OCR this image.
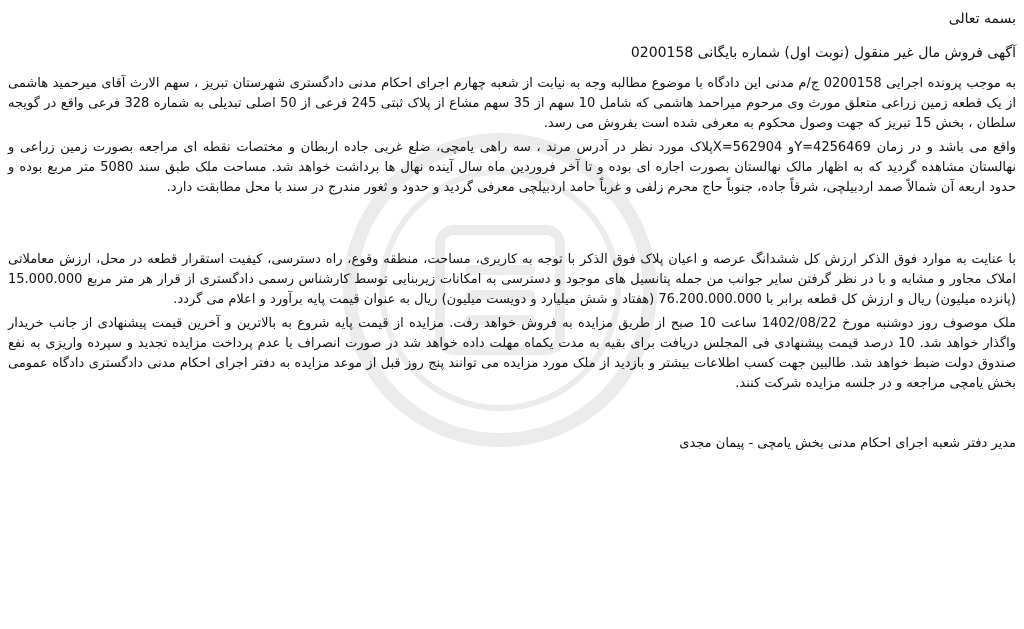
بسمه تعالی

آگهی فروش مال غیر منقول (نوبت اول) شماره بایگانی 0200158

به موجب پرونده اجرایی 0200158 ج/م مدنی این دادگاه با موضوع مطالبه وجه به نیابت از شعبه چهارم اجرای احکام مدنی دادگستری شهرستان تبریز ، سهم الارث آقای میرحمید هاشمی از یک قطعه زمین زراعی متعلق مورث وی مرحوم میراحمد هاشمی که شامل 10 سهم از 35 سهم مشاع از پلاک ثبتی 245 فرعی از 50 اصلی تبدیلی به شماره 328 فرعی واقع در گویجه سلطان ، بخش 15 تبریز که جهت وصول محکوم به معرفی شده است بفروش می رسد.

واقع می باشد و در زمان Y=4256469و X=562904پلاک مورد نظر در آدرس مرند ، سه راهی یامچی، ضلع غربی جاده اربطان و مختصات نقطه ای مراجعه بصورت زمین زراعی و نهالستان مشاهده گردید که به اظهار مالک نهالستان بصورت اجاره ای بوده و تا آخر فروردین ماه سال آینده نهال ها برداشت خواهد شد. مساحت ملک طبق سند 5080 متر مربع بوده و حدود اربعه آن شمالاً صمد اردبیلچی، شرقاً جاده، جنوباً حاج محرم زلفی و غرباً حامد اردبیلچی معرفی گردید و حدود و ثغور مندرج در سند با محل مطابقت دارد.

با عنایت به موارد فوق الذکر ارزش کل ششدانگ عرصه و اعیان پلاک فوق الذکر با توجه به کاربری، مساحت، منطقه وقوع، راه دسترسی، کیفیت استقرار قطعه در محل، ارزش معاملاتی املاک مجاور و مشابه و با در نظر گرفتن سایر جوانب من جمله پتانسیل های موجود و دسترسی به امکانات زیربنایی توسط کارشناس رسمی دادگستری از قرار هر متر مربع 15.000.000 (پانزده میلیون) ریال و ارزش کل قطعه برابر با 76.200.000.000 (هفتاد و شش میلیارد و دویست میلیون) ریال به عنوان قیمت پایه برآورد و اعلام می گردد.

ملک موصوف روز دوشنبه مورخ 1402/08/22 ساعت 10 صبح از طریق مزایده به فروش خواهد رفت. مزایده از قیمت پایه شروع به بالاترین و آخرین قیمت پیشنهادی از جانب خریدار واگذار خواهد شد. 10 درصد قیمت پیشنهادی فی المجلس دریافت برای بقیه به مدت یکماه مهلت داده خواهد شد در صورت انصراف یا عدم پرداخت مزایده تجدید و سپرده واریزی به نفع صندوق دولت ضبط خواهد شد. طالبین جهت کسب اطلاعات بیشتر و بازدید از ملک مورد مزایده می توانند پنج روز قبل از موعد مزایده به دفتر اجرای احکام مدنی دادگستری دادگاه عمومی بخش یامچی مراجعه و در جلسه مزایده شرکت کنند.

مدیر دفتر شعبه اجرای احکام مدنی بخش یامچی - پیمان مجدی
